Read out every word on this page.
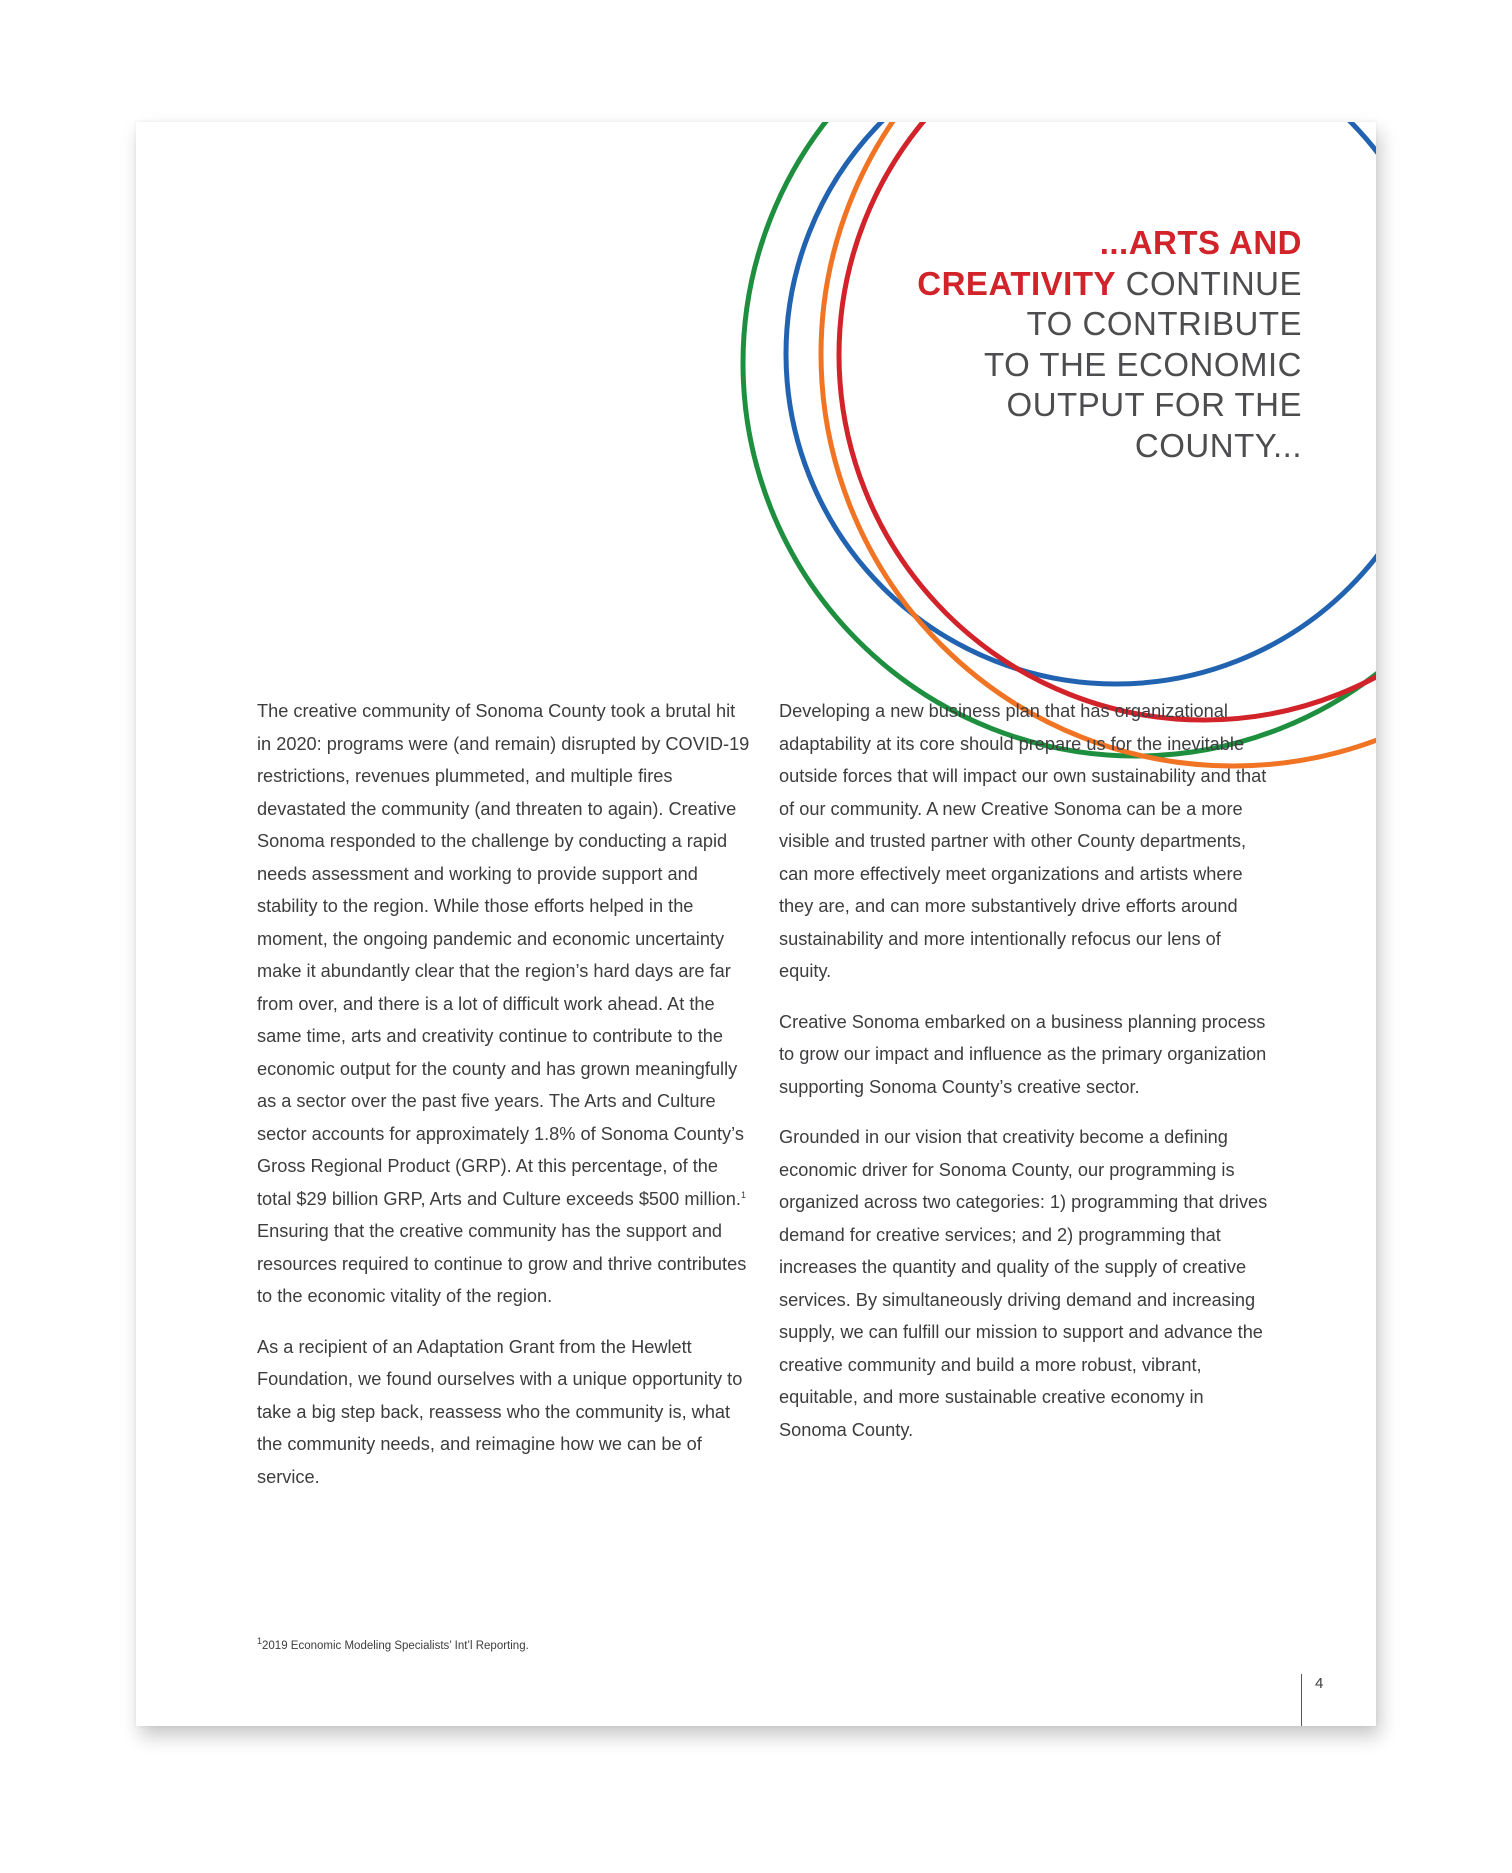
...ARTS AND
CREATIVITY CONTINUE
TO CONTRIBUTE
TO THE ECONOMIC
OUTPUT FOR THE
COUNTY...

The creative community of Sonoma County took a brutal hit in 2020: programs were (and remain) disrupted by COVID-19 restrictions, revenues plummeted, and multiple fires devastated the community (and threaten to again). Creative Sonoma responded to the challenge by conducting a rapid needs assessment and working to provide support and stability to the region. While those efforts helped in the moment, the ongoing pandemic and economic uncertainty make it abundantly clear that the region’s hard days are far from over, and there is a lot of difficult work ahead. At the same time, arts and creativity continue to contribute to the economic output for the county and has grown meaningfully as a sector over the past five years. The Arts and Culture sector accounts for approximately 1.8% of Sonoma County’s Gross Regional Product (GRP). At this percentage, of the total $29 billion GRP, Arts and Culture exceeds $500 million.$^1$  Ensuring that the creative community has the support and resources required to continue to grow and thrive contributes to the economic vitality of the region.

As a recipient of an Adaptation Grant from the Hewlett Foundation, we found ourselves with a unique opportunity to take a big step back, reassess who the community is, what the community needs, and reimagine how we can be of service.

Developing a new business plan that has organizational adaptability at its core should prepare us for the inevitable outside forces that will impact our own sustainability and that of our community. A new Creative Sonoma can be a more visible and trusted partner with other County departments, can more effectively meet organizations and artists where they are, and can more substantively drive efforts around sustainability and more intentionally refocus our lens of equity.

Creative Sonoma embarked on a business planning process to grow our impact and influence as the primary organization supporting Sonoma County’s creative sector.

Grounded in our vision that creativity become a defining economic driver for Sonoma County, our programming is organized across two categories: 1) programming that drives demand for creative services; and 2) programming that increases the quantity and quality of the supply of creative services. By simultaneously driving demand and increasing supply, we can fulfill our mission to support and advance the creative community and build a more robust, vibrant, equitable, and more sustainable creative economy in Sonoma County.

$^1$2019 Economic Modeling Specialists’ Int’l Reporting.
4
